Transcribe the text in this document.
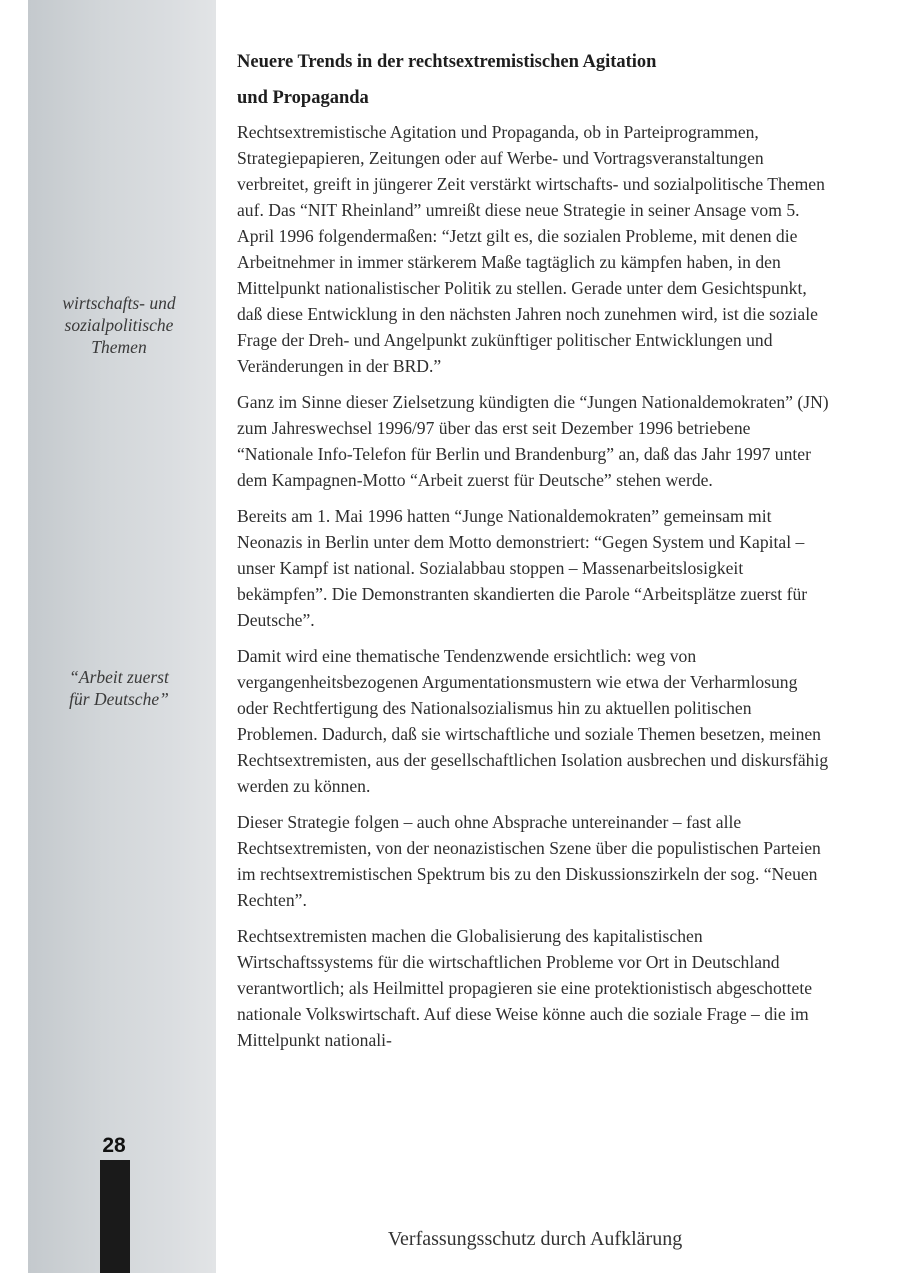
wirtschafts- und
sozialpolitische
Themen
“Arbeit zuerst
für Deutsche”
28
Neuere Trends in der rechtsextremistischen Agitation
und Propaganda

Rechtsextremistische Agitation und Propaganda, ob in Parteiprogrammen, Strategiepapieren, Zeitungen oder auf Werbe- und Vortragsveranstaltungen verbreitet, greift in jüngerer Zeit verstärkt wirtschafts- und sozialpolitische Themen auf. Das “NIT Rheinland” umreißt diese neue Strategie in seiner Ansage vom 5. April 1996 folgendermaßen: “Jetzt gilt es, die sozialen Probleme, mit denen die Arbeitnehmer in immer stärkerem Maße tagtäglich zu kämpfen haben, in den Mittelpunkt nationalistischer Politik zu stellen. Gerade unter dem Gesichtspunkt, daß diese Entwicklung in den nächsten Jahren noch zunehmen wird, ist die soziale Frage der Dreh- und Angelpunkt zukünftiger politischer Entwicklungen und Veränderungen in der BRD.”

Ganz im Sinne dieser Zielsetzung kündigten die “Jungen Nationaldemokraten” (JN) zum Jahreswechsel 1996/97 über das erst seit Dezember 1996 betriebene “Nationale Info-Telefon für Berlin und Brandenburg” an, daß das Jahr 1997 unter dem Kampagnen-Motto “Arbeit zuerst für Deutsche” stehen werde.

Bereits am 1. Mai 1996 hatten “Junge Nationaldemokraten” gemeinsam mit Neonazis in Berlin unter dem Motto demonstriert: “Gegen System und Kapital – unser Kampf ist national. Sozialabbau stoppen – Massenarbeitslosigkeit bekämpfen”. Die Demonstranten skandierten die Parole “Arbeitsplätze zuerst für Deutsche”.

Damit wird eine thematische Tendenzwende ersichtlich: weg von vergangenheitsbezogenen Argumentationsmustern wie etwa der Verharmlosung oder Rechtfertigung des Nationalsozialismus hin zu aktuellen politischen Problemen. Dadurch, daß sie wirtschaftliche und soziale Themen besetzen, meinen Rechtsextremisten, aus der gesellschaftlichen Isolation ausbrechen und diskursfähig werden zu können.

Dieser Strategie folgen – auch ohne Absprache untereinander – fast alle Rechtsextremisten, von der neonazistischen Szene über die populistischen Parteien im rechtsextremistischen Spektrum bis zu den Diskussionszirkeln der sog. “Neuen Rechten”.

Rechtsextremisten machen die Globalisierung des kapitalistischen Wirtschaftssystems für die wirtschaftlichen Probleme vor Ort in Deutschland verantwortlich; als Heilmittel propagieren sie eine protektionistisch abgeschottete nationale Volkswirtschaft. Auf diese Weise könne auch die soziale Frage – die im Mittelpunkt nationali-

Verfassungsschutz durch Aufklärung
